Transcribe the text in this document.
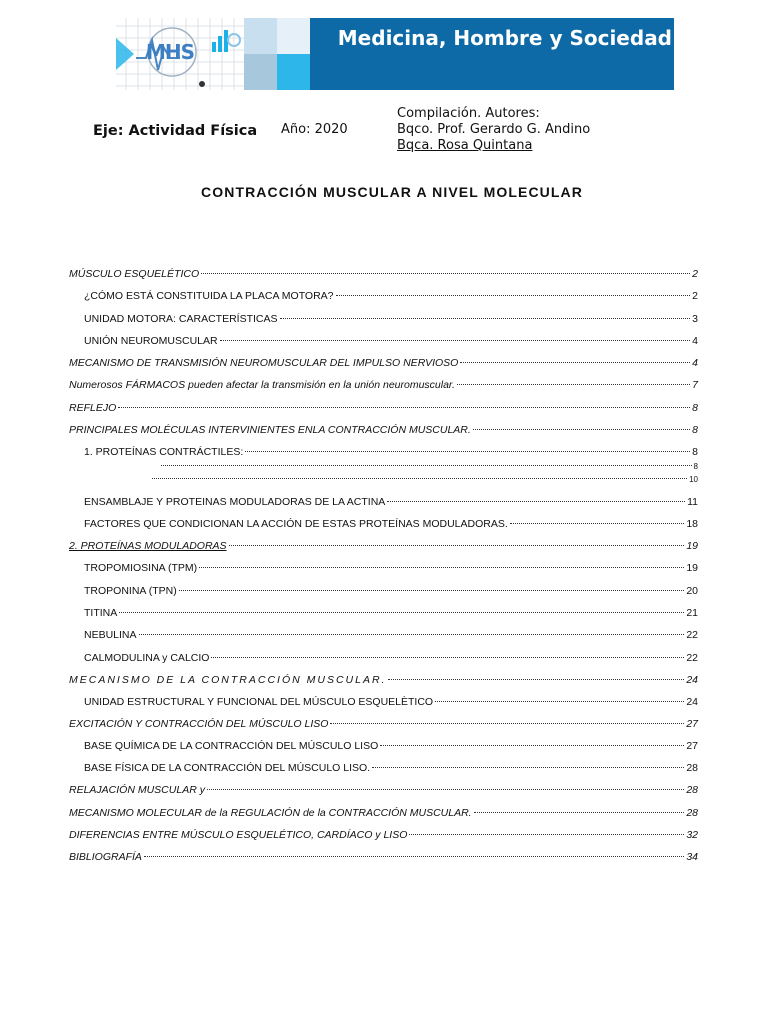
MHS
Medicina, Hombre y Sociedad
Eje: Actividad Física Año: 2020
Compilación. Autores:
Bqco. Prof. Gerardo G. Andino
Bqca. Rosa Quintana
CONTRACCIÓN MUSCULAR A NIVEL MOLECULAR
MÚSCULO ESQUELÉTICO	2
¿CÓMO ESTÁ CONSTITUIDA LA PLACA MOTORA?	2
UNIDAD MOTORA: CARACTERÍSTICAS	3
UNIÓN NEUROMUSCULAR	4
MECANISMO DE TRANSMISIÓN NEUROMUSCULAR DEL IMPULSO NERVIOSO	4
Numerosos FÁRMACOS pueden afectar la transmisión en la unión neuromuscular.	7
REFLEJO	8
PRINCIPALES MOLÉCULAS INTERVINIENTES ENLA CONTRACCIÓN MUSCULAR.	8
1. PROTEÍNAS CONTRÁCTILES:	8
8
10
ENSAMBLAJE Y PROTEINAS MODULADORAS DE LA ACTINA	11
FACTORES QUE CONDICIONAN LA ACCIÓN DE ESTAS PROTEÍNAS MODULADORAS.	18
2. PROTEÍNAS MODULADORAS	19
TROPOMIOSINA (TPM)	19
TROPONINA (TPN)	20
TITINA	21
NEBULINA	22
CALMODULINA y CALCIO	22
MECANISMO DE LA CONTRACCIÓN MUSCULAR.	24
UNIDAD ESTRUCTURAL Y FUNCIONAL DEL MÚSCULO ESQUELÈTICO	24
EXCITACIÓN Y CONTRACCIÓN DEL MÚSCULO LISO	27
BASE QUÍMICA DE LA CONTRACCIÓN DEL MÚSCULO LISO	27
BASE FÍSICA DE LA CONTRACCIÓN DEL MÚSCULO LISO.	28
RELAJACIÓN MUSCULAR y	28
MECANISMO MOLECULAR de la REGULACIÓN de la CONTRACCIÓN MUSCULAR.	28
DIFERENCIAS ENTRE MÚSCULO ESQUELÉTICO, CARDÍACO y LISO	32
BIBLIOGRAFÍA	34
